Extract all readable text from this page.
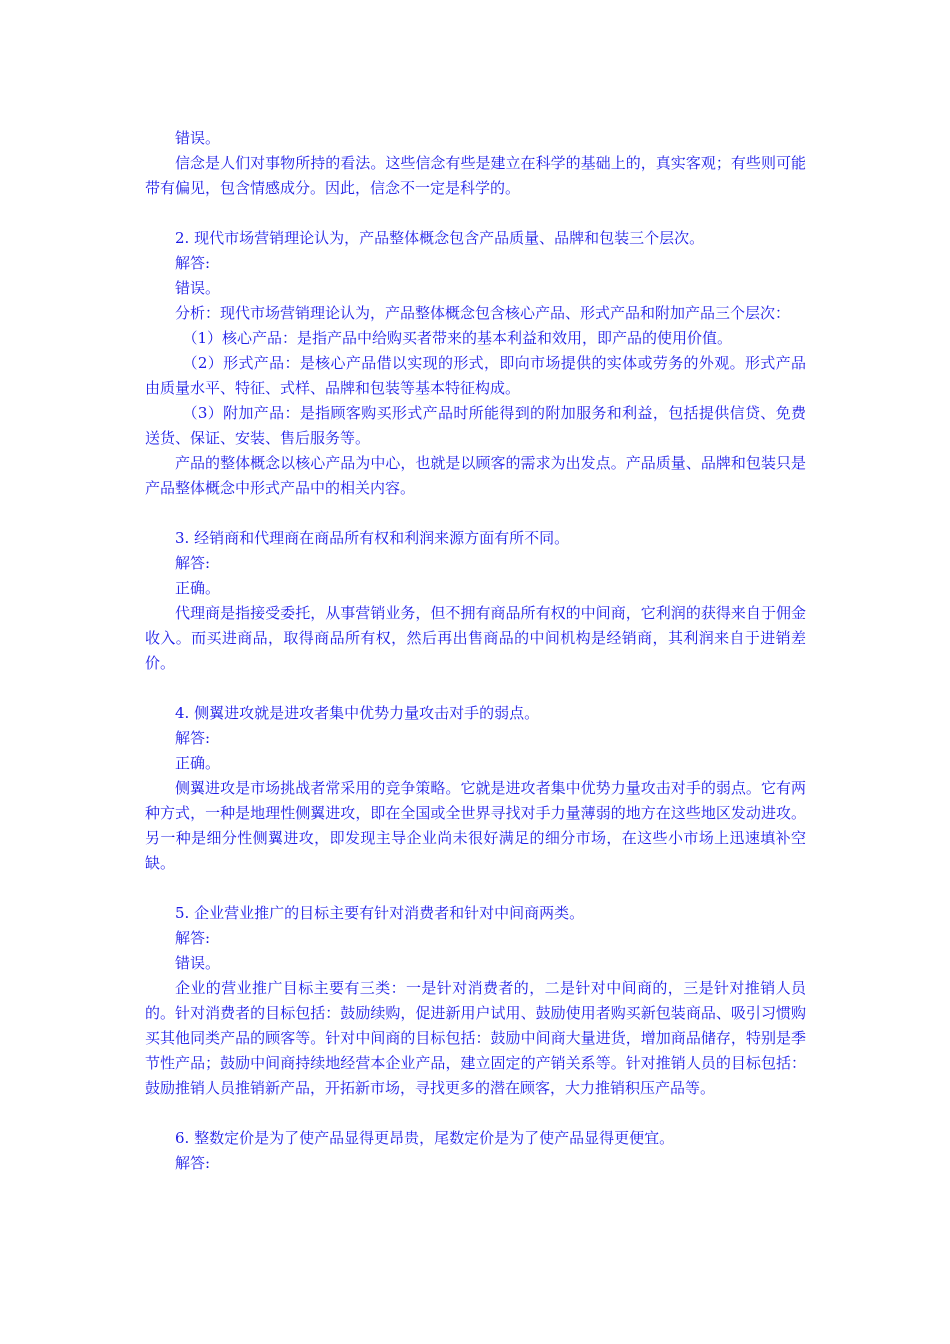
错误。

信念是人们对事物所持的看法。这些信念有些是建立在科学的基础上的，真实客观；有些则可能带有偏见，包含情感成分。因此，信念不一定是科学的。

2. 现代市场营销理论认为，产品整体概念包含产品质量、品牌和包装三个层次。

解答:

错误。

分析：现代市场营销理论认为，产品整体概念包含核心产品、形式产品和附加产品三个层次：

（1）核心产品：是指产品中给购买者带来的基本利益和效用，即产品的使用价值。

（2）形式产品：是核心产品借以实现的形式，即向市场提供的实体或劳务的外观。形式产品由质量水平、特征、式样、品牌和包装等基本特征构成。

（3）附加产品：是指顾客购买形式产品时所能得到的附加服务和利益，包括提供信贷、免费送货、保证、安装、售后服务等。

产品的整体概念以核心产品为中心，也就是以顾客的需求为出发点。产品质量、品牌和包装只是产品整体概念中形式产品中的相关内容。

3. 经销商和代理商在商品所有权和利润来源方面有所不同。

解答:

正确。

代理商是指接受委托，从事营销业务，但不拥有商品所有权的中间商，它利润的获得来自于佣金收入。而买进商品，取得商品所有权，然后再出售商品的中间机构是经销商，其利润来自于进销差价。

4. 侧翼进攻就是进攻者集中优势力量攻击对手的弱点。

解答:

正确。

侧翼进攻是市场挑战者常采用的竞争策略。它就是进攻者集中优势力量攻击对手的弱点。它有两种方式，一种是地理性侧翼进攻，即在全国或全世界寻找对手力量薄弱的地方在这些地区发动进攻。另一种是细分性侧翼进攻，即发现主导企业尚未很好满足的细分市场，在这些小市场上迅速填补空缺。

5. 企业营业推广的目标主要有针对消费者和针对中间商两类。

解答:

错误。

企业的营业推广目标主要有三类：一是针对消费者的，二是针对中间商的，三是针对推销人员的。针对消费者的目标包括：鼓励续购，促进新用户试用、鼓励使用者购买新包装商品、吸引习惯购买其他同类产品的顾客等。针对中间商的目标包括：鼓励中间商大量进货，增加商品储存，特别是季节性产品；鼓励中间商持续地经营本企业产品，建立固定的产销关系等。针对推销人员的目标包括：鼓励推销人员推销新产品，开拓新市场，寻找更多的潜在顾客，大力推销积压产品等。

6. 整数定价是为了使产品显得更昂贵，尾数定价是为了使产品显得更便宜。

解答:
